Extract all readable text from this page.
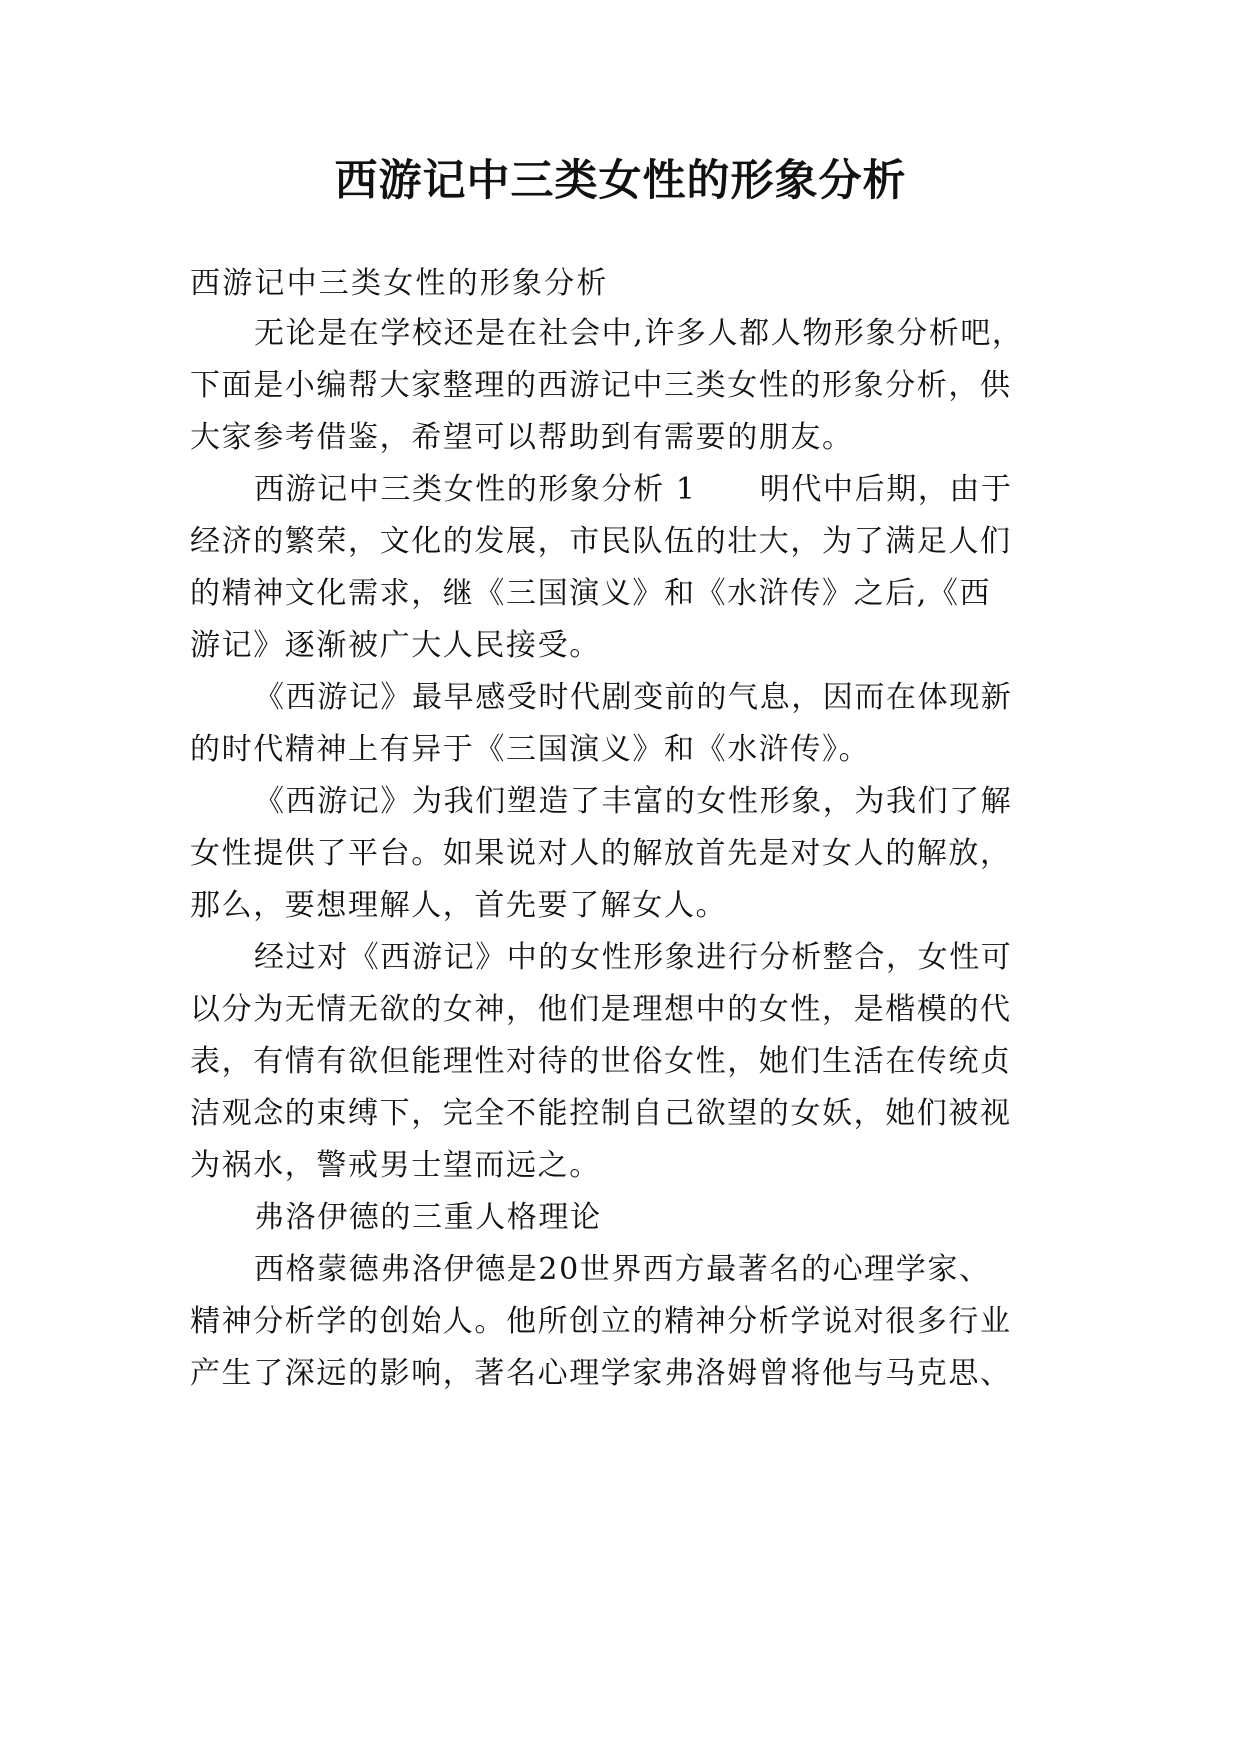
西游记中三类女性的形象分析
西游记中三类女性的形象分析
无论是在学校还是在社会中,许多人都人物形象分析吧，
下面是小编帮大家整理的西游记中三类女性的形象分析，供
大家参考借鉴，希望可以帮助到有需要的朋友。
西游记中三类女性的形象分析 1　　明代中后期，由于
经济的繁荣，文化的发展，市民队伍的壮大，为了满足人们
的精神文化需求，继《三国演义》和《水浒传》之后,《西
游记》逐渐被广大人民接受。
《西游记》最早感受时代剧变前的气息，因而在体现新
的时代精神上有异于《三国演义》和《水浒传》。
《西游记》为我们塑造了丰富的女性形象，为我们了解
女性提供了平台。如果说对人的解放首先是对女人的解放，
那么，要想理解人，首先要了解女人。
经过对《西游记》中的女性形象进行分析整合，女性可
以分为无情无欲的女神，他们是理想中的女性，是楷模的代
表，有情有欲但能理性对待的世俗女性，她们生活在传统贞
洁观念的束缚下，完全不能控制自己欲望的女妖，她们被视
为祸水，警戒男士望而远之。
弗洛伊德的三重人格理论
西格蒙德弗洛伊德是20世界西方最著名的心理学家、
精神分析学的创始人。他所创立的精神分析学说对很多行业
产生了深远的影响，著名心理学家弗洛姆曾将他与马克思、
